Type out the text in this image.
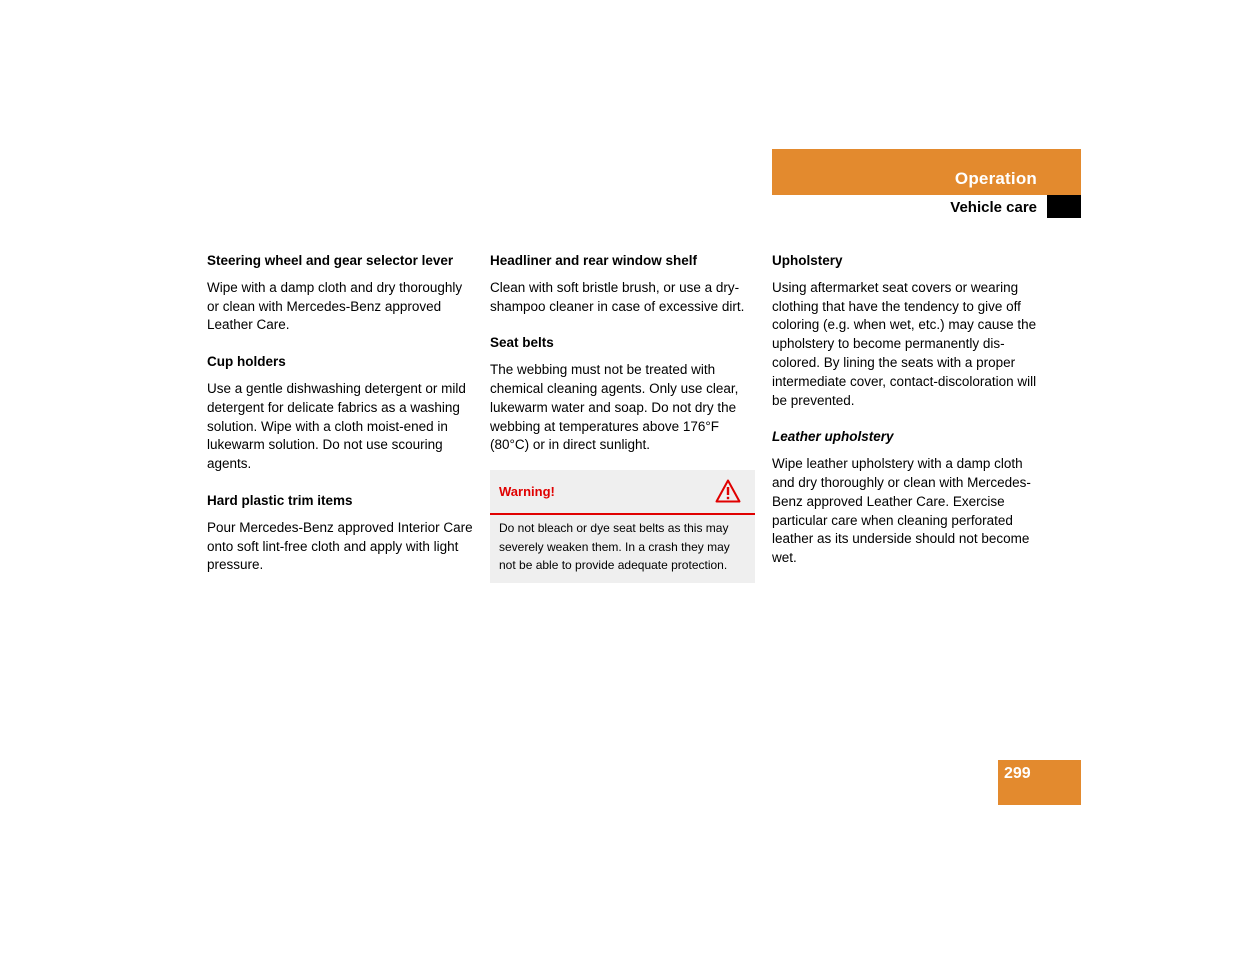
Operation
Vehicle care
Steering wheel and gear selector lever
Wipe with a damp cloth and dry thoroughly or clean with Mercedes-Benz approved Leather Care.
Cup holders
Use a gentle dishwashing detergent or mild detergent for delicate fabrics as a washing solution. Wipe with a cloth moist-ened in lukewarm solution. Do not use scouring agents.
Hard plastic trim items
Pour Mercedes-Benz approved Interior Care onto soft lint-free cloth and apply with light pressure.
Headliner and rear window shelf
Clean with soft bristle brush, or use a dry-shampoo cleaner in case of excessive dirt.
Seat belts
The webbing must not be treated with chemical cleaning agents. Only use clear, lukewarm water and soap. Do not dry the webbing at temperatures above 176°F (80°C) or in direct sunlight.
Warning!
Do not bleach or dye seat belts as this may severely weaken them. In a crash they may not be able to provide adequate protection.
Upholstery
Using aftermarket seat covers or wearing clothing that have the tendency to give off coloring (e.g. when wet, etc.) may cause the upholstery to become permanently dis-colored. By lining the seats with a proper intermediate cover, contact-discoloration will be prevented.
Leather upholstery
Wipe leather upholstery with a damp cloth and dry thoroughly or clean with Mercedes-Benz approved Leather Care. Exercise particular care when cleaning perforated leather as its underside should not become wet.
299
